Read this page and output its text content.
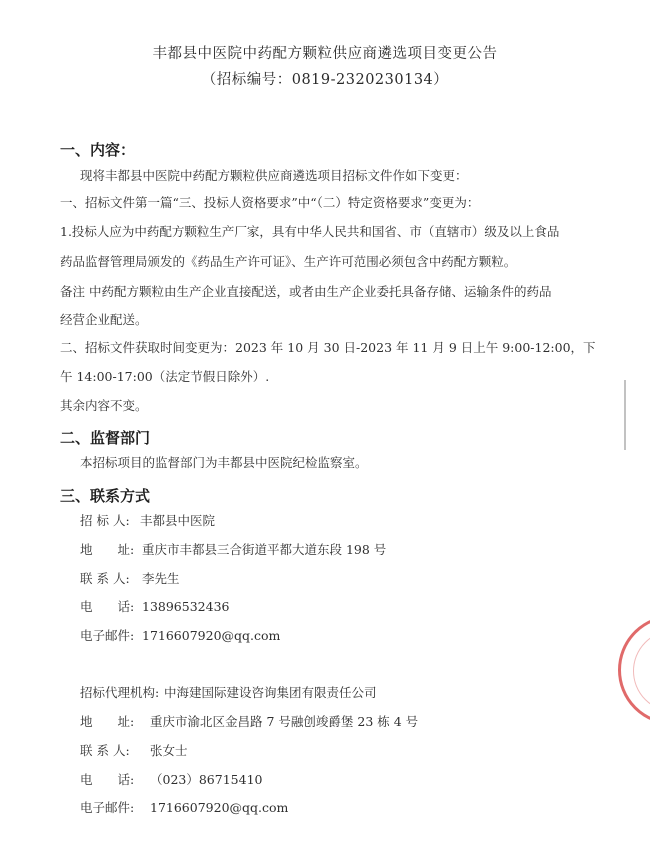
丰都县中医院中药配方颗粒供应商遴选项目变更公告
（招标编号：0819-2320230134）
一、内容：
现将丰都县中医院中药配方颗粒供应商遴选项目招标文件作如下变更：
一、招标文件第一篇“三、投标人资格要求”中“（二）特定资格要求”变更为：
1.投标人应为中药配方颗粒生产厂家，具有中华人民共和国省、市（直辖市）级及以上食品
药品监督管理局颁发的《药品生产许可证》、生产许可范围必须包含中药配方颗粒。
备注 中药配方颗粒由生产企业直接配送，或者由生产企业委托具备存储、运输条件的药品
经营企业配送。
二、招标文件获取时间变更为：2023 年 10 月 30 日-2023 年 11 月 9 日上午 9:00-12:00，下
午 14:00-17:00（法定节假日除外）.
其余内容不变。
二、监督部门
本招标项目的监督部门为丰都县中医院纪检监察室。
三、联系方式
招 标 人: 丰都县中医院
地　　址: 重庆市丰都县三合街道平都大道东段 198 号
联 系 人: 李先生
电　　话: 13896532436
电子邮件: 1716607920@qq.com
招标代理机构: 中海建国际建设咨询集团有限责任公司
地　　址: 重庆市渝北区金昌路 7 号融创竣爵堡 23 栋 4 号
联 系 人: 张女士
电　　话: （023）86715410
电子邮件: 1716607920@qq.com
